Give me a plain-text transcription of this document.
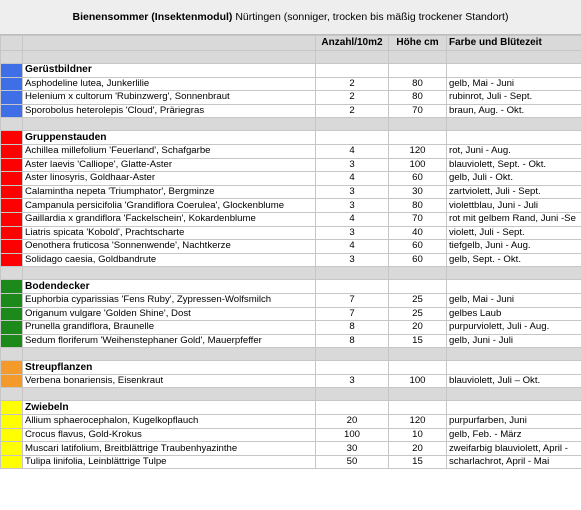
Bienensommer (Insektenmodul)
Nürtingen (sonniger, trocken bis mäßig trockener Standort)
		Anzahl/10m2	Höhe cm	Farbe und Blütezeit

	Gerüstbildner			
	Asphodeline lutea, Junkerlilie	2	80	gelb, Mai - Juni
	Helenium x cultorum 'Rubinzwerg', Sonnenbraut	2	80	rubinrot, Juli - Sept.
	Sporobolus heterolepis 'Cloud', Präriegras	2	70	braun, Aug. - Okt.

	Gruppenstauden			
	Achillea millefolium 'Feuerland', Schafgarbe	4	120	rot, Juni - Aug.
	Aster laevis 'Calliope', Glatte-Aster	3	100	blauviolett, Sept. - Okt.
	Aster linosyris, Goldhaar-Aster	4	60	gelb, Juli - Okt.
	Calamintha nepeta 'Triumphator', Bergminze	3	30	zartviolett, Juli - Sept.
	Campanula persicifolia 'Grandiflora Coerulea', Glockenblume	3	80	violettblau, Juni - Juli
	Gaillardia x grandiflora 'Fackelschein', Kokardenblume	4	70	rot mit gelbem Rand, Juni -Se
	Liatris spicata 'Kobold', Prachtscharte	3	40	violett, Juli - Sept.
	Oenothera fruticosa 'Sonnenwende', Nachtkerze	4	60	tiefgelb, Juni - Aug.
	Solidago caesia, Goldbandrute	3	60	gelb, Sept. - Okt.

	Bodendecker			
	Euphorbia cyparissias 'Fens Ruby', Zypressen-Wolfsmilch	7	25	gelb, Mai - Juni
	Origanum vulgare 'Golden Shine', Dost	7	25	gelbes Laub
	Prunella grandiflora, Braunelle	8	20	purpurviolett, Juli - Aug.
	Sedum floriferum 'Weihenstephaner Gold', Mauerpfeffer	8	15	gelb, Juni - Juli

	Streupflanzen			
	Verbena bonariensis, Eisenkraut	3	100	blauviolett, Juli – Okt.

	Zwiebeln			
	Allium sphaerocephalon, Kugelkopflauch	20	120	purpurfarben, Juni
	Crocus flavus, Gold-Krokus	100	10	gelb, Feb. - März
	Muscari latifolium, Breitblättrige Traubenhyazinthe	30	20	zweifarbig blauviolett, April -
	Tulipa linifolia, Leinblättrige Tulpe	50	15	scharlachrot, April - Mai
